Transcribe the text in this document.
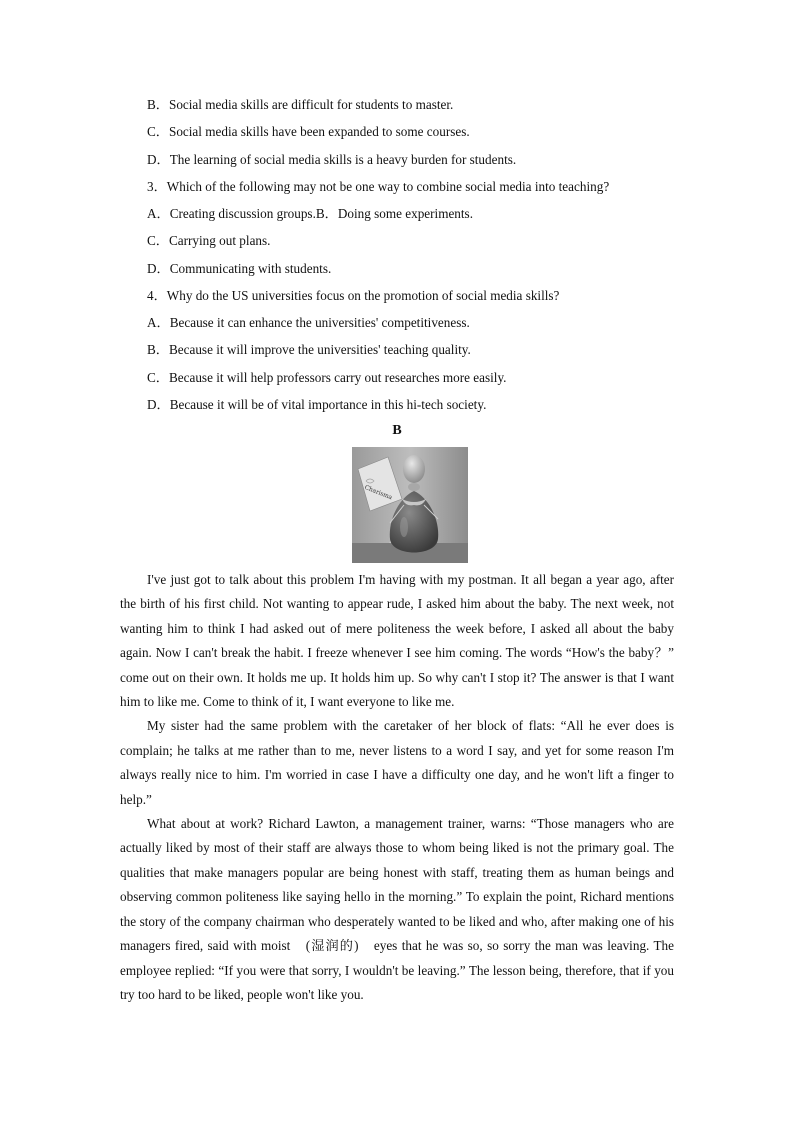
B．Social media skills are difficult for students to master.
C．Social media skills have been expanded to some courses.
D．The learning of social media skills is a heavy burden for students.
3．Which of the following may not be one way to combine social media into teaching?
A．Creating discussion groups.B．Doing some experiments.
C．Carrying out plans.
D．Communicating with students.
4．Why do the US universities focus on the promotion of social media skills?
A．Because it can enhance the universities' competitiveness.
B．Because it will improve the universities' teaching quality.
C．Because it will help professors carry out researches more easily.
D．Because it will be of vital importance in this hi-tech society.
B
Charisma

I've just got to talk about this problem I'm having with my postman. It all began a year ago, after the birth of his first child. Not wanting to appear rude, I asked him about the baby. The next week, not wanting him to think I had asked out of mere politeness the week before, I asked all about the baby again. Now I can't break the habit. I freeze whenever I see him coming. The words “How's the baby？” come out on their own. It holds me up. It holds him up. So why can't I stop it? The answer is that I want him to like me. Come to think of it, I want everyone to like me.

My sister had the same problem with the caretaker of her block of flats: “All he ever does is complain; he talks at me rather than to me, never listens to a word I say, and yet for some reason I'm always really nice to him. I'm worried in case I have a difficulty one day, and he won't lift a finger to help.”

What about at work? Richard Lawton, a management trainer, warns: “Those managers who are actually liked by most of their staff are always those to whom being liked is not the primary goal. The qualities that make managers popular are being honest with staff, treating them as human beings and observing common politeness like saying hello in the morning.” To explain the point, Richard mentions the story of the company chairman who desperately wanted to be liked and who, after making one of his managers fired, said with moist　(湿润的)　eyes that he was so, so sorry the man was leaving. The employee replied: “If you were that sorry, I wouldn't be leaving.” The lesson being, therefore, that if you try too hard to be liked, people won't like you.
